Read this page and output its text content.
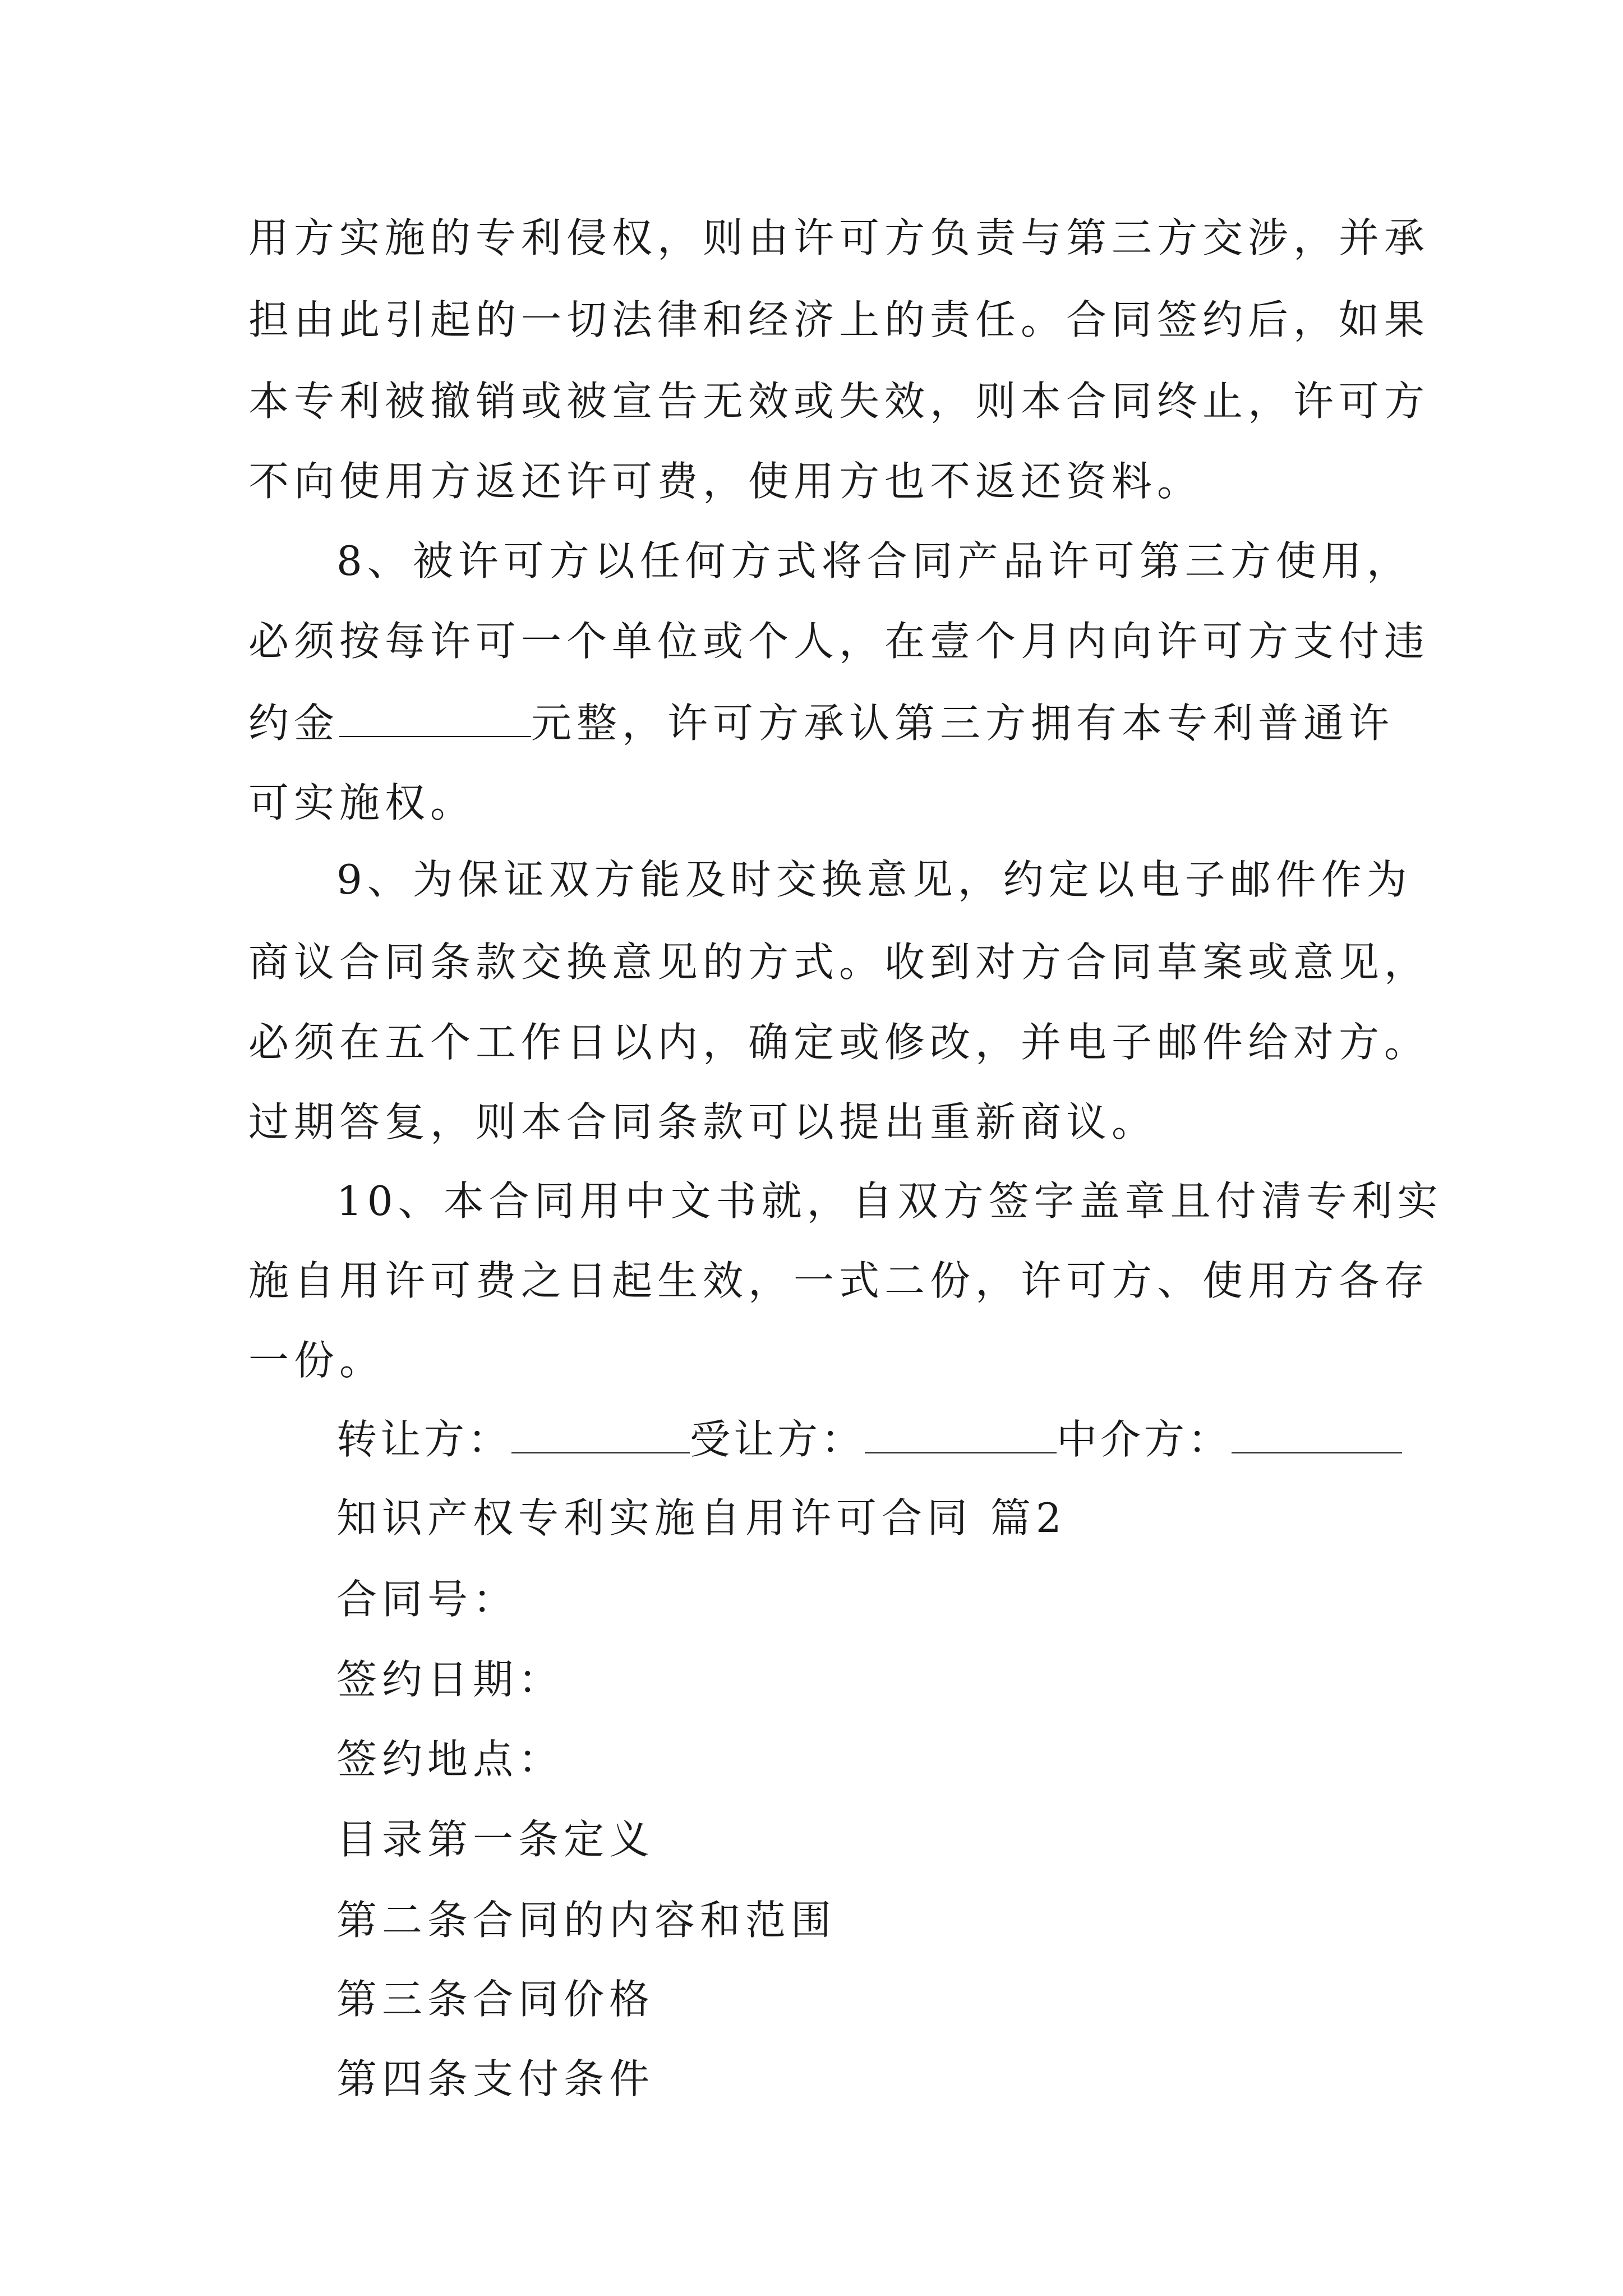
用方实施的专利侵权，则由许可方负责与第三方交涉，并承
担由此引起的一切法律和经济上的责任。合同签约后，如果
本专利被撤销或被宣告无效或失效，则本合同终止，许可方
不向使用方返还许可费，使用方也不返还资料。
8、被许可方以任何方式将合同产品许可第三方使用，
必须按每许可一个单位或个人，在壹个月内向许可方支付违
约金	元整，许可方承认第三方拥有本专利普通许
可实施权。
9、为保证双方能及时交换意见，约定以电子邮件作为
商议合同条款交换意见的方式。收到对方合同草案或意见，
必须在五个工作日以内，确定或修改，并电子邮件给对方。
过期答复，则本合同条款可以提出重新商议。
10、本合同用中文书就，自双方签字盖章且付清专利实
施自用许可费之日起生效，一式二份，许可方、使用方各存
一份。
转让方：	受让方：	中介方：
知识产权专利实施自用许可合同 篇2
合同号：
签约日期：
签约地点：
目录第一条定义
第二条合同的内容和范围
第三条合同价格
第四条支付条件
